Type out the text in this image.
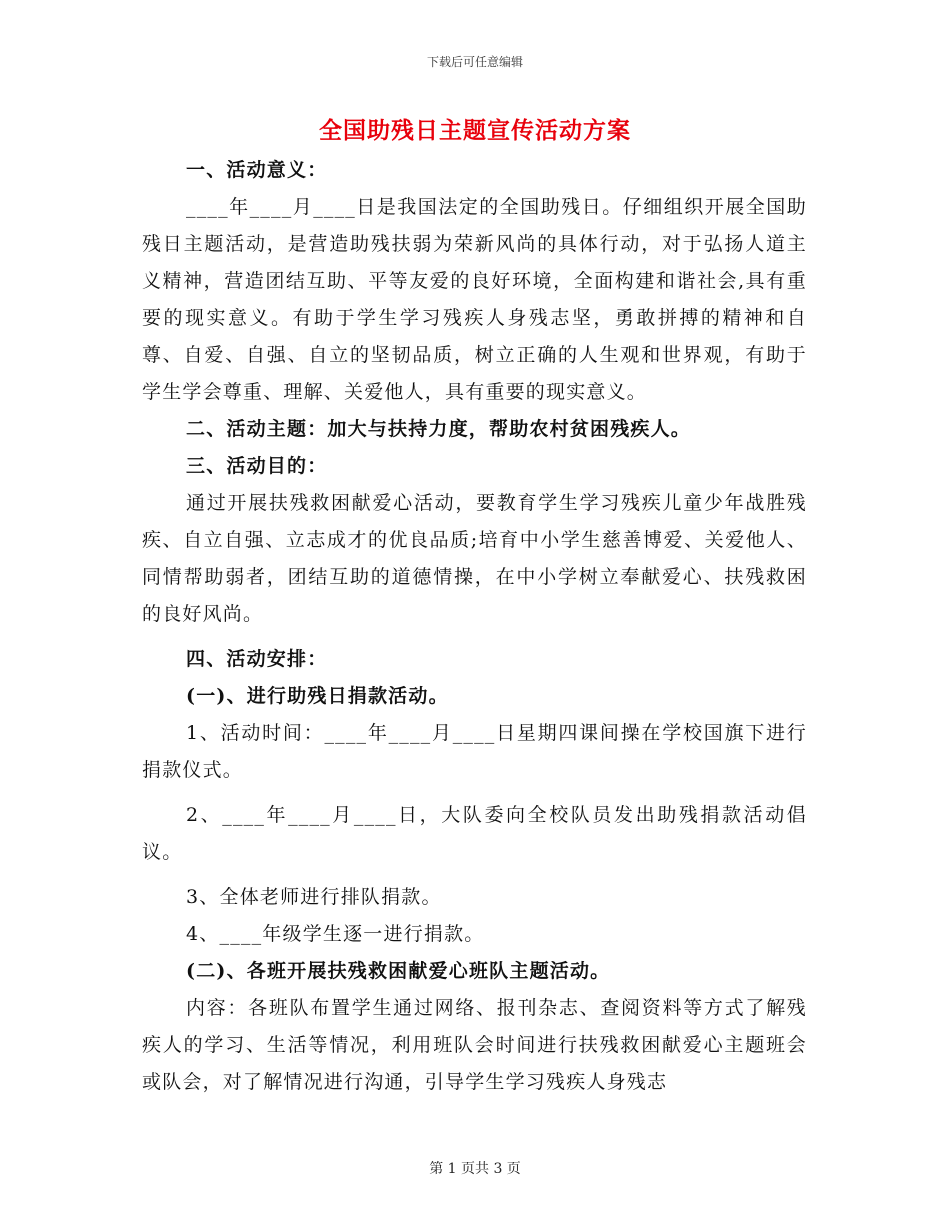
下载后可任意编辑
全国助残日主题宣传活动方案

一、活动意义：

____年____月____日是我国法定的全国助残日。仔细组织开展全国助残日主题活动，是营造助残扶弱为荣新风尚的具体行动，对于弘扬人道主义精神，营造团结互助、平等友爱的良好环境，全面构建和谐社会,具有重要的现实意义。有助于学生学习残疾人身残志坚，勇敢拼搏的精神和自尊、自爱、自强、自立的坚韧品质，树立正确的人生观和世界观，有助于学生学会尊重、理解、关爱他人，具有重要的现实意义。

二、活动主题：加大与扶持力度，帮助农村贫困残疾人。

三、活动目的：

通过开展扶残救困献爱心活动，要教育学生学习残疾儿童少年战胜残疾、自立自强、立志成才的优良品质;培育中小学生慈善博爱、关爱他人、同情帮助弱者，团结互助的道德情操，在中小学树立奉献爱心、扶残救困的良好风尚。

四、活动安排：

(一)、进行助残日捐款活动。

1、活动时间：____年____月____日星期四课间操在学校国旗下进行捐款仪式。

2、____年____月____日，大队委向全校队员发出助残捐款活动倡议。

3、全体老师进行排队捐款。

4、____年级学生逐一进行捐款。

(二)、各班开展扶残救困献爱心班队主题活动。

内容：各班队布置学生通过网络、报刊杂志、查阅资料等方式了解残疾人的学习、生活等情况，利用班队会时间进行扶残救困献爱心主题班会或队会，对了解情况进行沟通，引导学生学习残疾人身残志

第 1 页共 3 页
